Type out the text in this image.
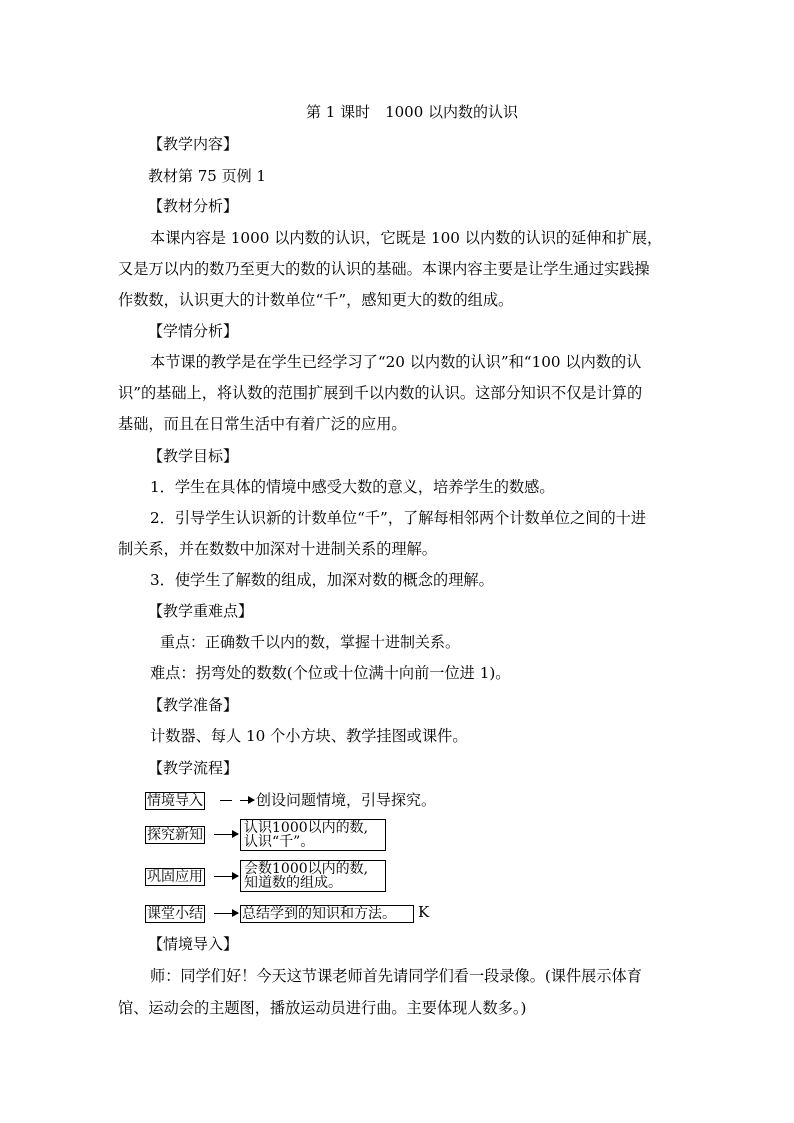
第 1 课时　1000 以内数的认识
【教学内容】
教材第 75 页例 1
【教材分析】
本课内容是 1000 以内数的认识，它既是 100 以内数的认识的延伸和扩展，
又是万以内的数乃至更大的数的认识的基础。本课内容主要是让学生通过实践操
作数数，认识更大的计数单位“千”，感知更大的数的组成。
【学情分析】
本节课的教学是在学生已经学习了“20 以内数的认识”和“100 以内数的认
识”的基础上，将认数的范围扩展到千以内数的认识。这部分知识不仅是计算的
基础，而且在日常生活中有着广泛的应用。
【教学目标】
1．学生在具体的情境中感受大数的意义，培养学生的数感。
2．引导学生认识新的计数单位“千”，了解每相邻两个计数单位之间的十进
制关系，并在数数中加深对十进制关系的理解。
3．使学生了解数的组成，加深对数的概念的理解。
【教学重难点】
重点：正确数千以内的数，掌握十进制关系。
难点：拐弯处的数数(个位或十位满十向前一位进 1)。
【教学准备】
计数器、每人 10 个小方块、教学挂图或课件。
【教学流程】
情境导入	创设问题情境，引导探究。
探究新知	认识1000以内的数,
认识“千”。
巩固应用	会数1000以内的数,
知道数的组成。
课堂小结	总结学到的知识和方法。	K
【情境导入】
师：同学们好！今天这节课老师首先请同学们看一段录像。(课件展示体育
馆、运动会的主题图，播放运动员进行曲。主要体现人数多。)
